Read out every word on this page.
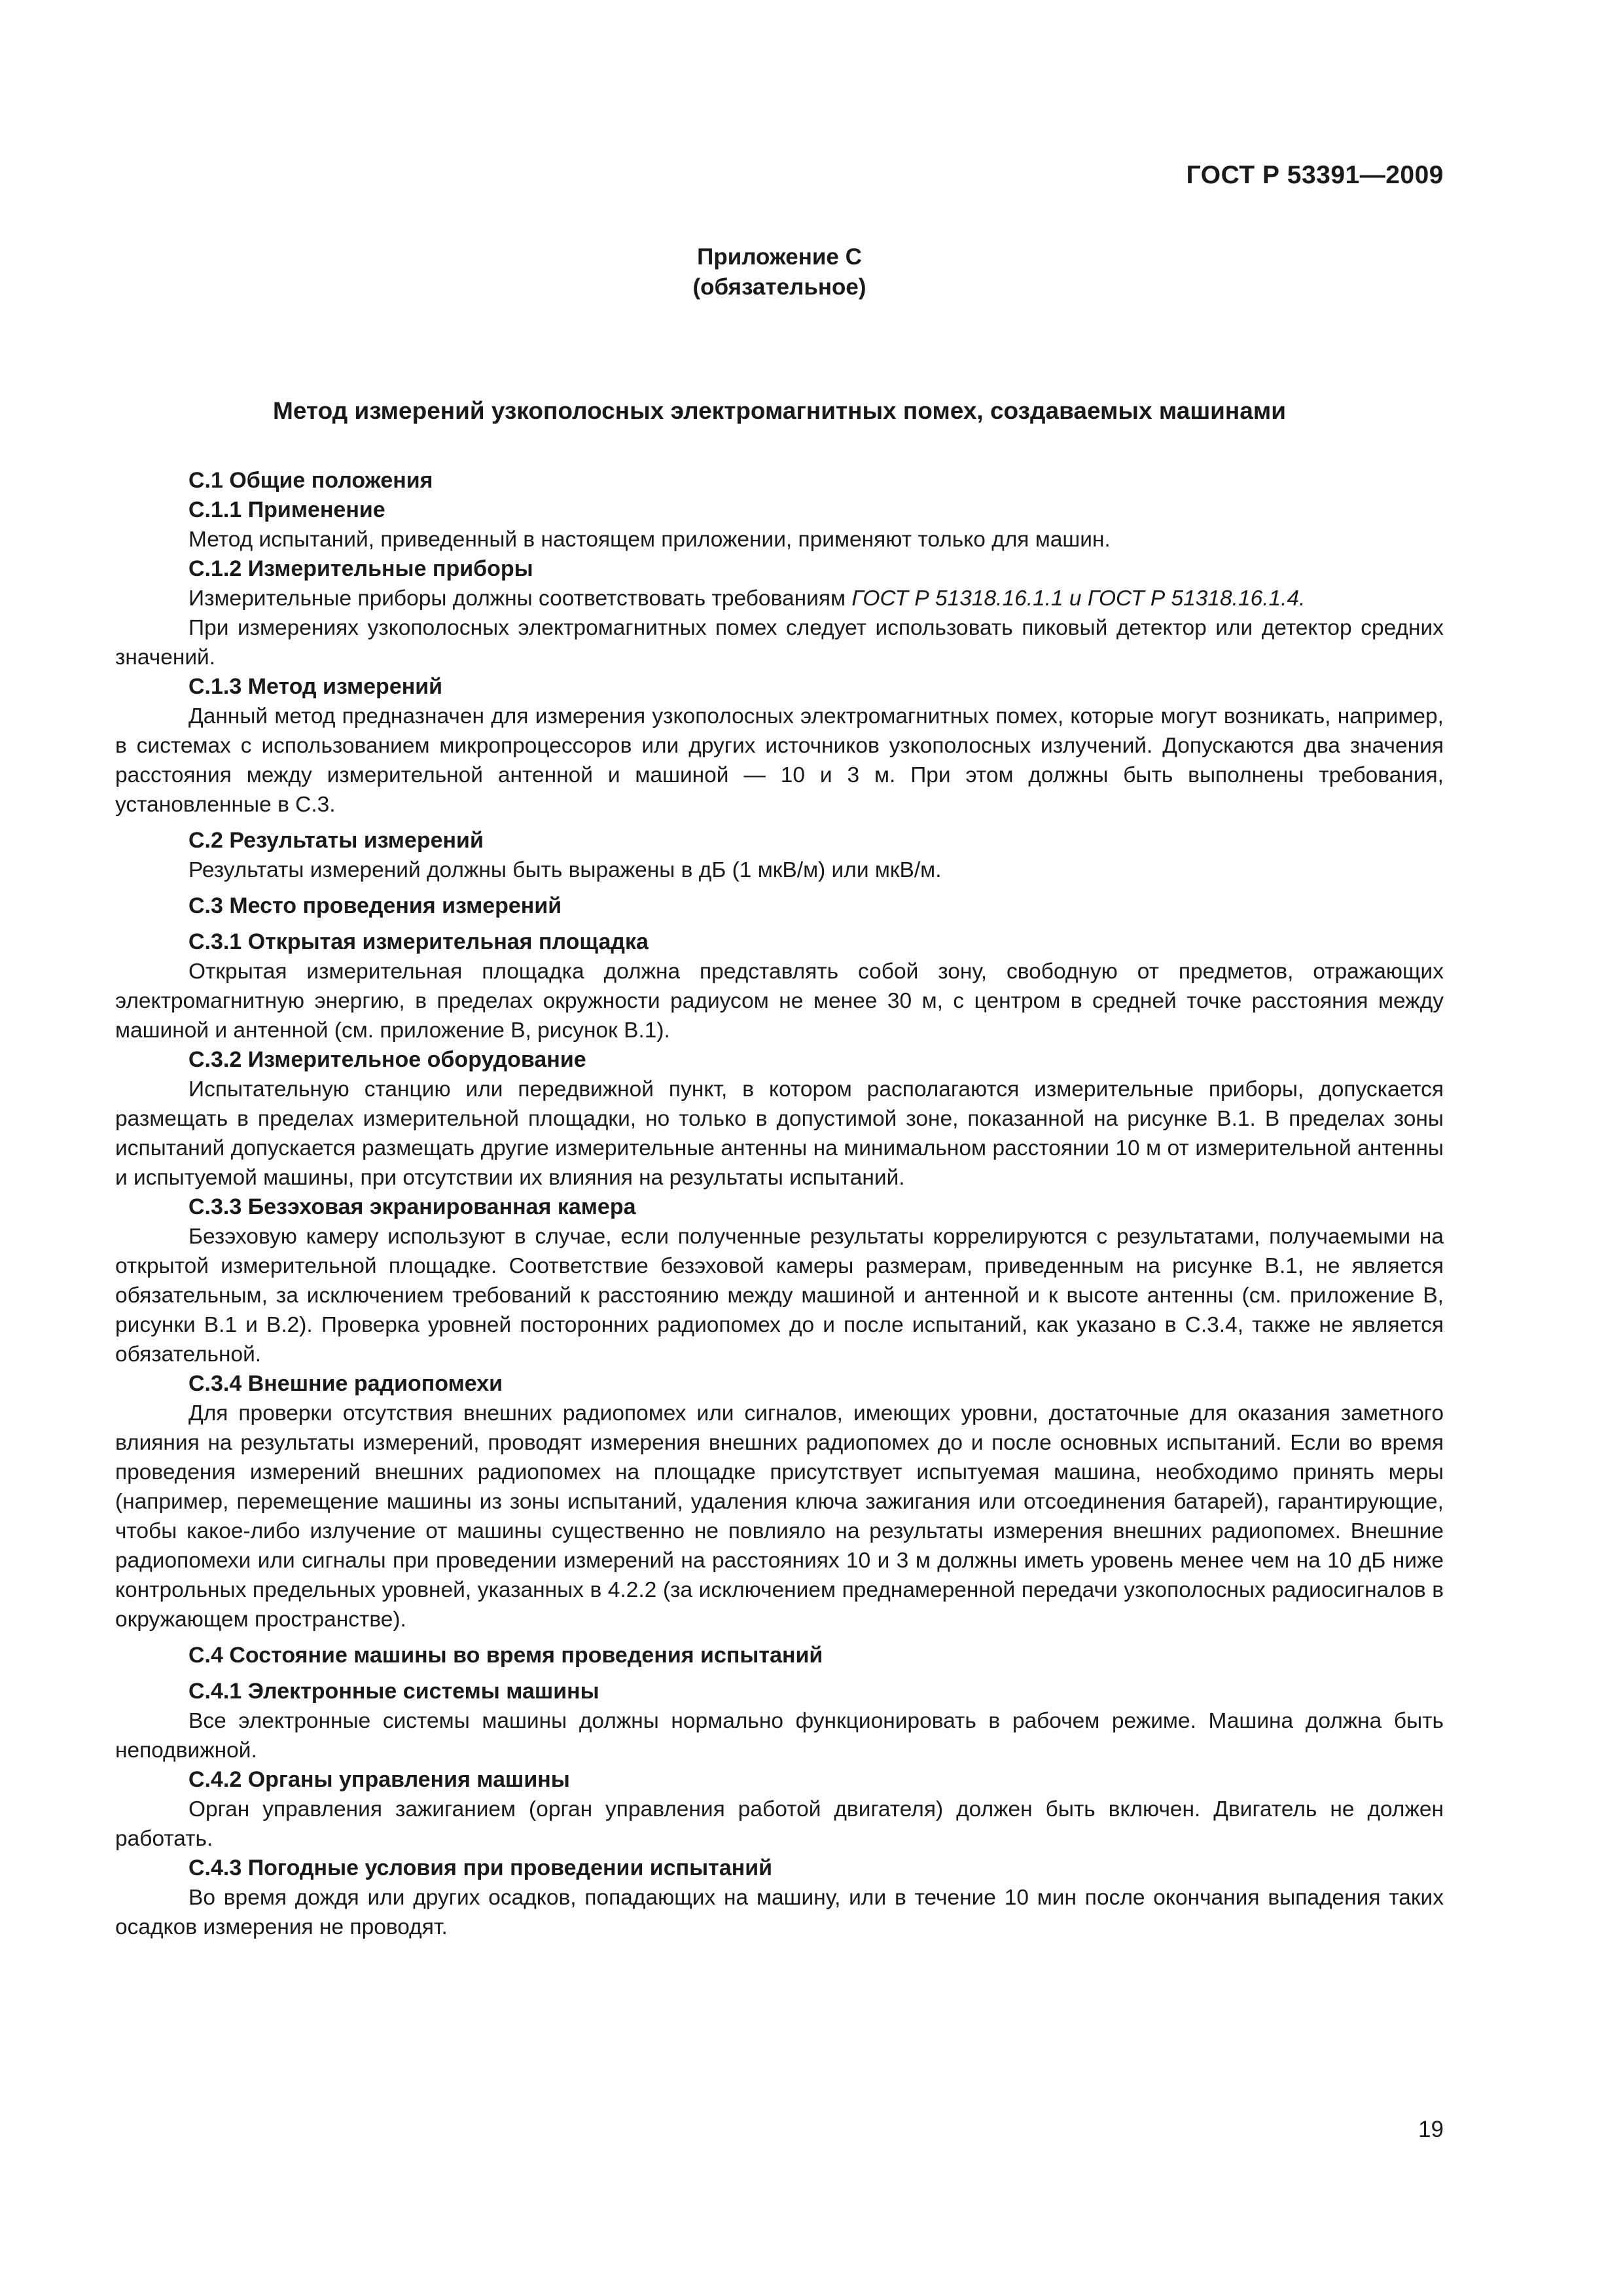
ГОСТ Р 53391—2009
Приложение С
(обязательное)
Метод измерений узкополосных электромагнитных помех, создаваемых машинами
С.1 Общие положения
С.1.1 Применение

Метод испытаний, приведенный в настоящем приложении, применяют только для машин.

С.1.2 Измерительные приборы

Измерительные приборы должны соответствовать требованиям ГОСТ Р 51318.16.1.1 и ГОСТ Р 51318.16.1.4.

При измерениях узкополосных электромагнитных помех следует использовать пиковый детектор или детектор средних значений.

С.1.3 Метод измерений

Данный метод предназначен для измерения узкополосных электромагнитных помех, которые могут возникать, например, в системах с использованием микропроцессоров или других источников узкополосных излучений. Допускаются два значения расстояния между измерительной антенной и машиной — 10 и 3 м. При этом должны быть выполнены требования, установленные в С.3.

С.2 Результаты измерений

Результаты измерений должны быть выражены в дБ (1 мкВ/м) или мкВ/м.

С.3 Место проведения измерений
С.3.1 Открытая измерительная площадка

Открытая измерительная площадка должна представлять собой зону, свободную от предметов, отражающих электромагнитную энергию, в пределах окружности радиусом не менее 30 м, с центром в средней точке расстояния между машиной и антенной (см. приложение В, рисунок В.1).

С.3.2 Измерительное оборудование

Испытательную станцию или передвижной пункт, в котором располагаются измерительные приборы, допускается размещать в пределах измерительной площадки, но только в допустимой зоне, показанной на рисунке В.1. В пределах зоны испытаний допускается размещать другие измерительные антенны на минимальном расстоянии 10 м от измерительной антенны и испытуемой машины, при отсутствии их влияния на результаты испытаний.

С.3.3 Безэховая экранированная камера

Безэховую камеру используют в случае, если полученные результаты коррелируются с результатами, получаемыми на открытой измерительной площадке. Соответствие безэховой камеры размерам, приведенным на рисунке В.1, не является обязательным, за исключением требований к расстоянию между машиной и антенной и к высоте антенны (см. приложение В, рисунки В.1 и В.2). Проверка уровней посторонних радиопомех до и после испытаний, как указано в С.3.4, также не является обязательной.

С.3.4 Внешние радиопомехи

Для проверки отсутствия внешних радиопомех или сигналов, имеющих уровни, достаточные для оказания заметного влияния на результаты измерений, проводят измерения внешних радиопомех до и после основных испытаний. Если во время проведения измерений внешних радиопомех на площадке присутствует испытуемая машина, необходимо принять меры (например, перемещение машины из зоны испытаний, удаления ключа зажигания или отсоединения батарей), гарантирующие, чтобы какое-либо излучение от машины существенно не повлияло на результаты измерения внешних радиопомех. Внешние радиопомехи или сигналы при проведении измерений на расстояниях 10 и 3 м должны иметь уровень менее чем на 10 дБ ниже контрольных предельных уровней, указанных в 4.2.2 (за исключением преднамеренной передачи узкополосных радиосигналов в окружающем пространстве).

С.4 Состояние машины во время проведения испытаний
С.4.1 Электронные системы машины

Все электронные системы машины должны нормально функционировать в рабочем режиме. Машина должна быть неподвижной.

С.4.2 Органы управления машины

Орган управления зажиганием (орган управления работой двигателя) должен быть включен. Двигатель не должен работать.

С.4.3 Погодные условия при проведении испытаний

Во время дождя или других осадков, попадающих на машину, или в течение 10 мин после окончания выпадения таких осадков измерения не проводят.

19
